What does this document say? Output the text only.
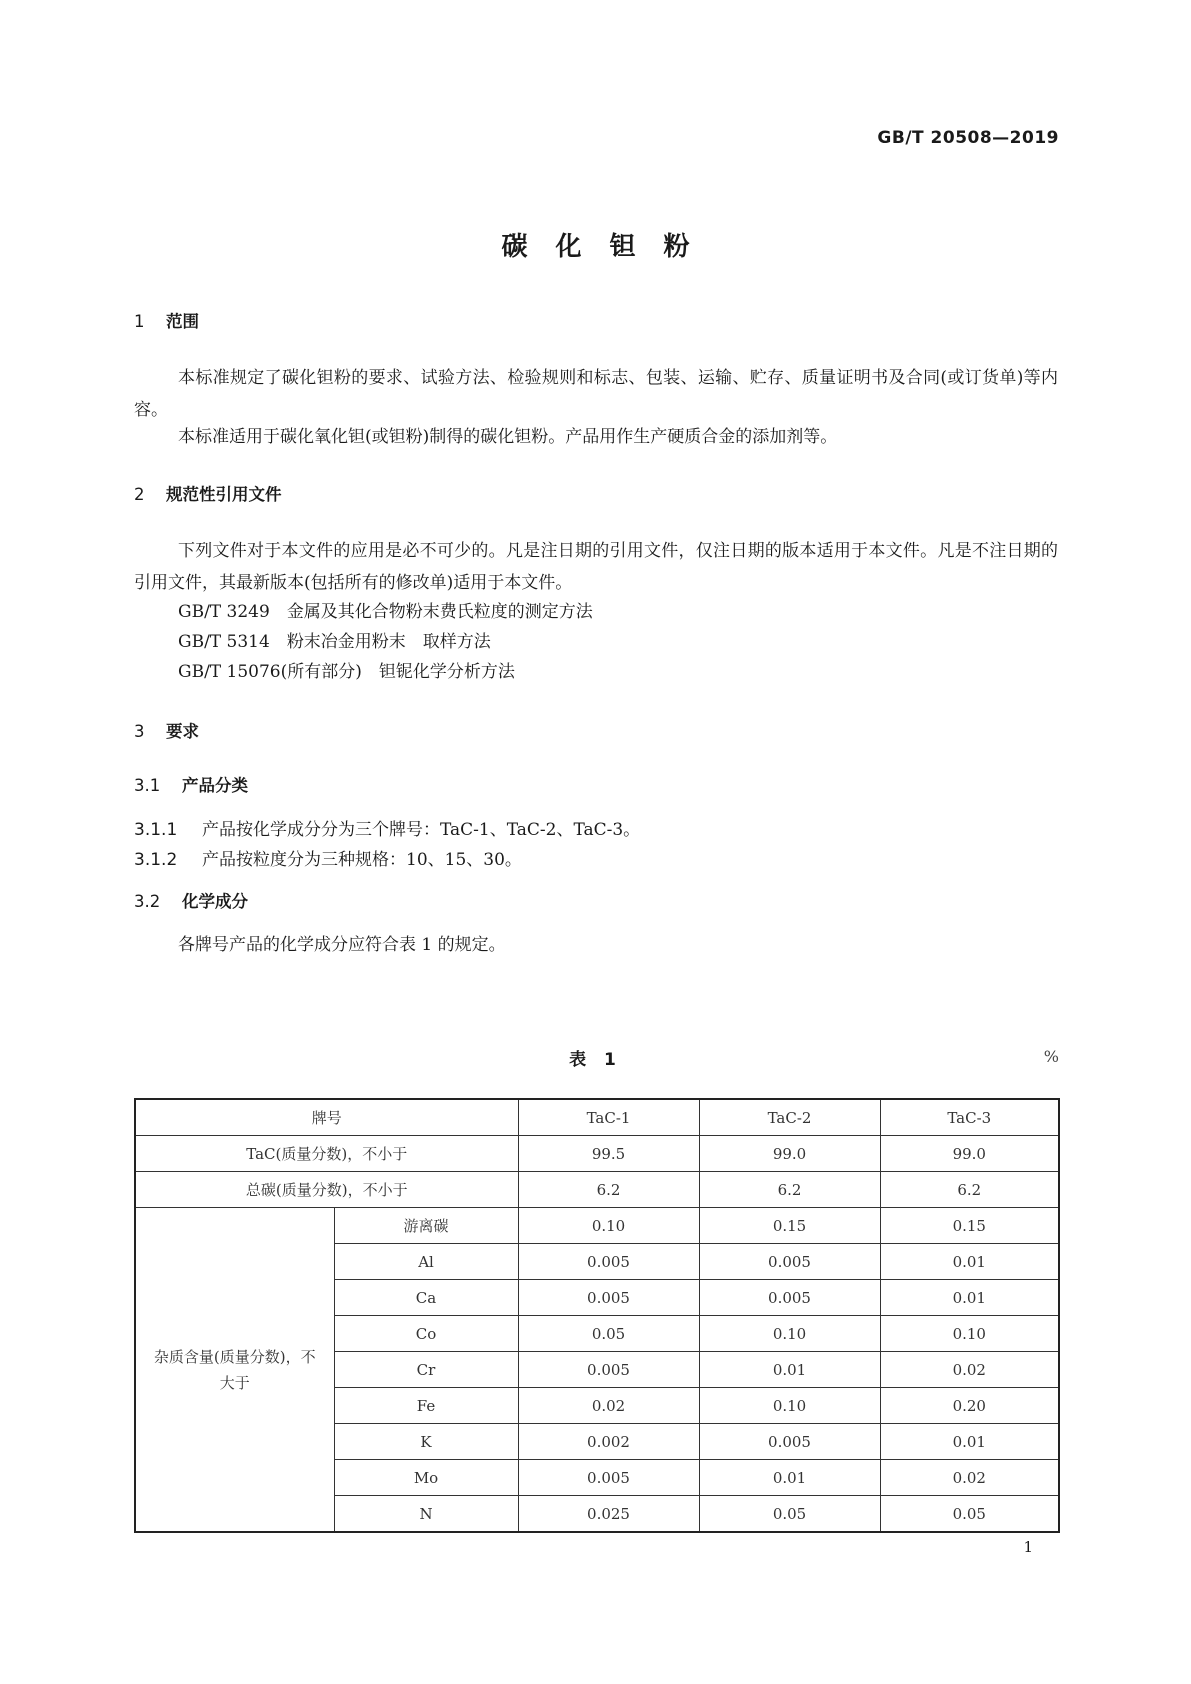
GB/T 20508—2019
碳化钽粉
1 范围
本标准规定了碳化钽粉的要求、试验方法、检验规则和标志、包装、运输、贮存、质量证明书及合同(或订货单)等内容。
本标准适用于碳化氧化钽(或钽粉)制得的碳化钽粉。产品用作生产硬质合金的添加剂等。
2 规范性引用文件
下列文件对于本文件的应用是必不可少的。凡是注日期的引用文件，仅注日期的版本适用于本文件。凡是不注日期的引用文件，其最新版本(包括所有的修改单)适用于本文件。
GB/T 3249　 金属及其化合物粉末费氏粒度的测定方法
GB/T 5314　 粉末冶金用粉末　取样方法
GB/T 15076(所有部分)　 钽铌化学分析方法
3 要求
3.1 产品分类
3.1.1 产品按化学成分分为三个牌号：TaC-1、TaC-2、TaC-3。
3.1.2 产品按粒度分为三种规格：10、15、30。
3.2 化学成分
各牌号产品的化学成分应符合表 1 的规定。
表 1	%
牌号		TaC-1	TaC-2	TaC-3
TaC(质量分数)，不小于		99.5	99.0	99.0
总碳(质量分数)，不小于		6.2	6.2	6.2
杂质含量(质量分数)，不大于	游离碳	0.10	0.15	0.15
	Al	0.005	0.005	0.01
	Ca	0.005	0.005	0.01
	Co	0.05	0.10	0.10
	Cr	0.005	0.01	0.02
	Fe	0.02	0.10	0.20
	K	0.002	0.005	0.01
	Mo	0.005	0.01	0.02
	N	0.025	0.05	0.05
1
